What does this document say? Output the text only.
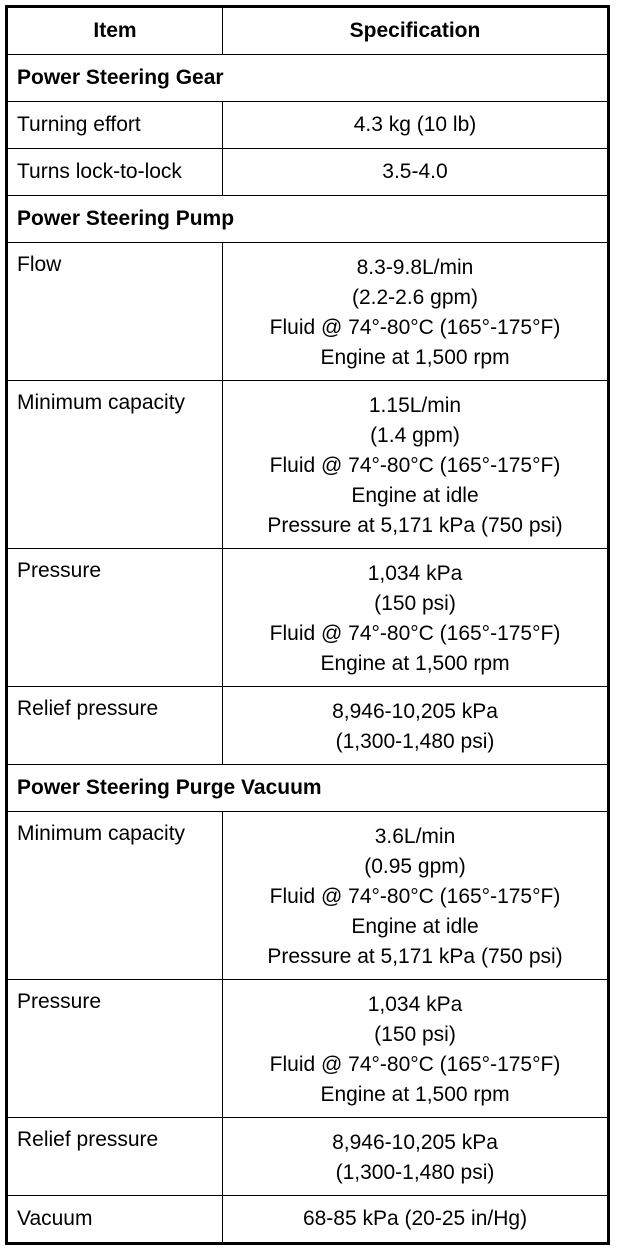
Item	Specification
Power Steering Gear	
Turning effort	4.3 kg (10 lb)

Turns lock-to-lock	3.5-4.0

Power Steering Pump	
Flow	8.3-9.8L/min
(2.2-2.6 gpm)
Fluid @ 74°-80°C (165°-175°F)
Engine at 1,500 rpm

Minimum capacity	1.15L/min
(1.4 gpm)
Fluid @ 74°-80°C (165°-175°F)
Engine at idle
Pressure at 5,171 kPa (750 psi)

Pressure	1,034 kPa
(150 psi)
Fluid @ 74°-80°C (165°-175°F)
Engine at 1,500 rpm

Relief pressure	8,946-10,205 kPa
(1,300-1,480 psi)

Power Steering Purge Vacuum	
Minimum capacity	3.6L/min
(0.95 gpm)
Fluid @ 74°-80°C (165°-175°F)
Engine at idle
Pressure at 5,171 kPa (750 psi)

Pressure	1,034 kPa
(150 psi)
Fluid @ 74°-80°C (165°-175°F)
Engine at 1,500 rpm

Relief pressure	8,946-10,205 kPa
(1,300-1,480 psi)

Vacuum	68-85 kPa (20-25 in/Hg)
